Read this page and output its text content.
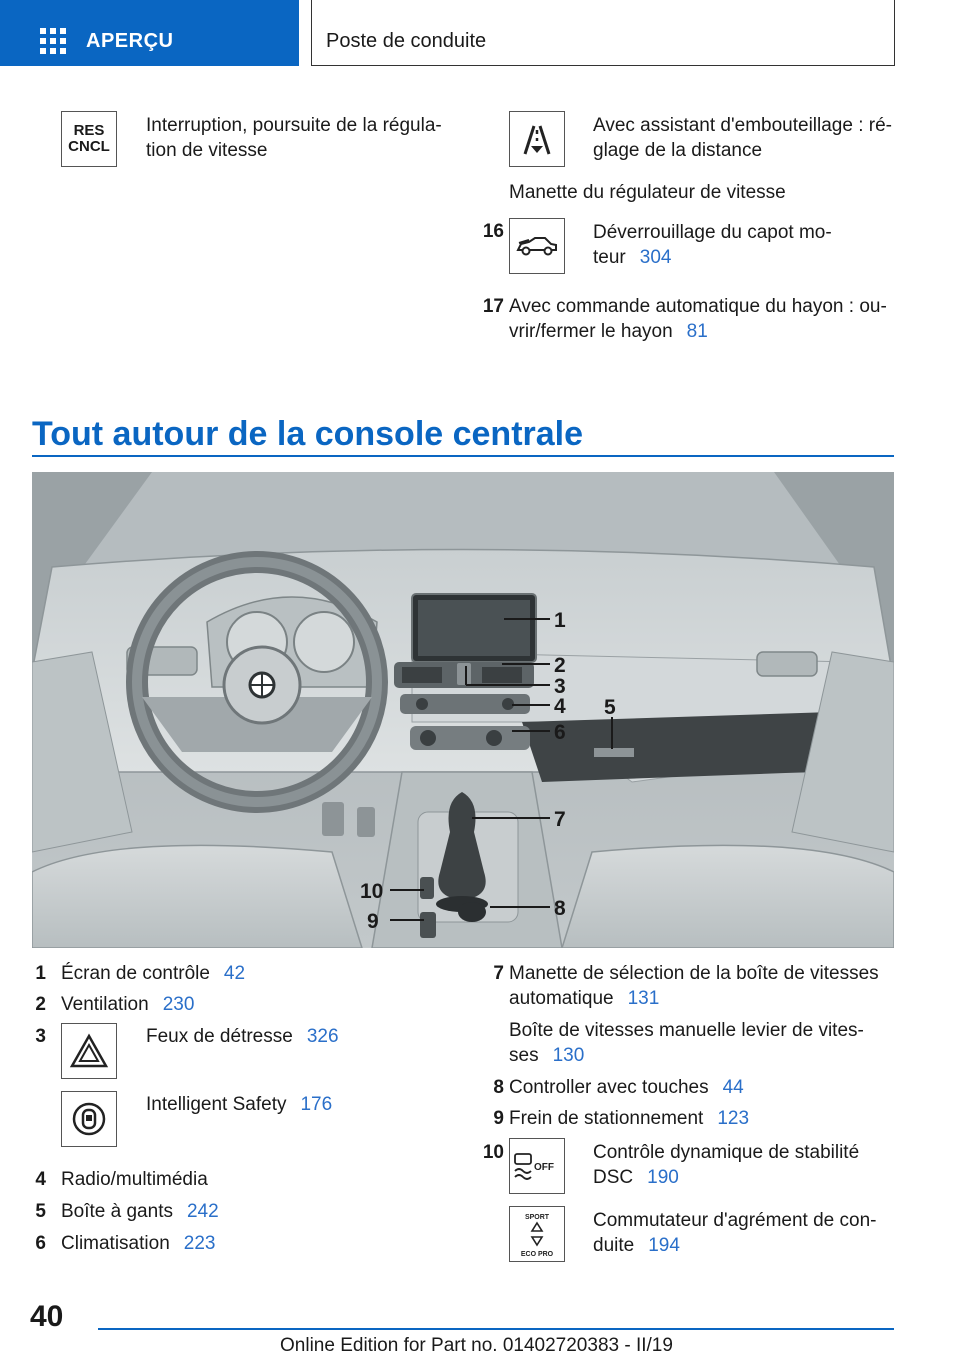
APERÇU	Poste de conduite
RES
CNCL
Interruption, poursuite de la régula-
tion de vitesse
Avec assistant d'embouteillage : ré-
glage de la distance
Manette du régulateur de vitesse
16	Déverrouillage du capot mo-
teur 304
17 Avec commande automatique du hayon : ou-
vrir/fermer le hayon 81
Tout autour de la console centrale
1
2
3
4 5
6
7
8
10
9
1 Écran de contrôle 42
2 Ventilation 230
3	Feux de détresse 326
Intelligent Safety 176
4 Radio/multimédia
5 Boîte à gants 242
6 Climatisation 223
7 Manette de sélection de la boîte de vitesses
automatique 131
Boîte de vitesses manuelle levier de vites-
ses 130
8 Controller avec touches 44
9 Frein de stationnement 123
10
OFF
Contrôle dynamique de stabilité
DSC 190
SPORT
ECO PRO
Commutateur d'agrément de con-
duite 194
40
Online Edition for Part no. 01402720383 - II/19
